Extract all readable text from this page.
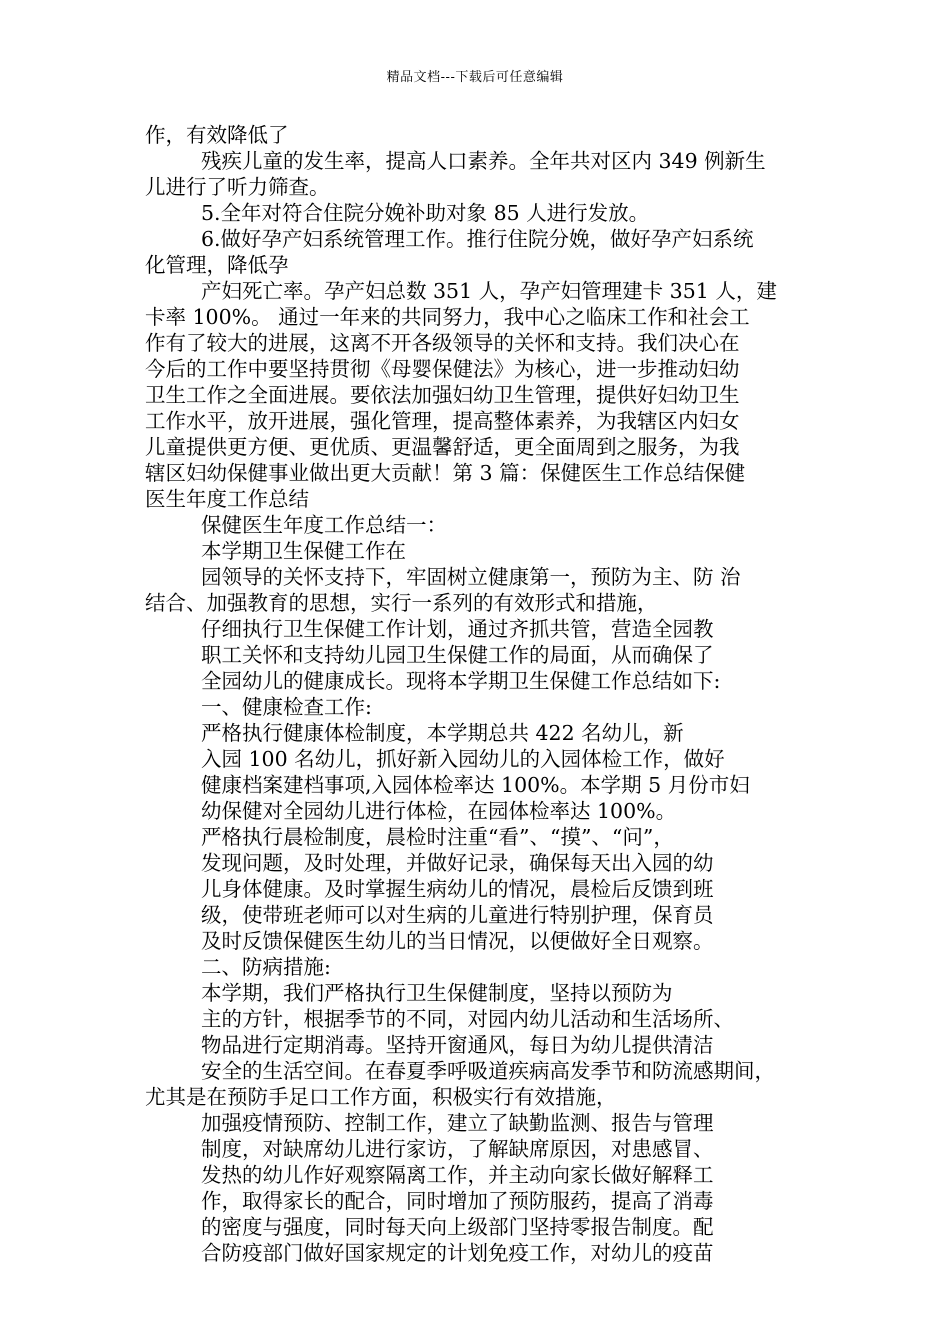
精品文档---下载后可任意编辑
作，有效降低了
残疾儿童的发生率，提高人口素养。全年共对区内 349 例新生
儿进行了听力筛查。
5.全年对符合住院分娩补助对象 85 人进行发放。
6.做好孕产妇系统管理工作。推行住院分娩，做好孕产妇系统
化管理，降低孕
产妇死亡率。孕产妇总数 351 人，孕产妇管理建卡 351 人，建
卡率 100%。 通过一年来的共同努力，我中心之临床工作和社会工
作有了较大的进展，这离不开各级领导的关怀和支持。我们决心在
今后的工作中要坚持贯彻《母婴保健法》为核心，进一步推动妇幼
卫生工作之全面进展。要依法加强妇幼卫生管理，提供好妇幼卫生
工作水平，放开进展，强化管理，提高整体素养，为我辖区内妇女
儿童提供更方便、更优质、更温馨舒适，更全面周到之服务，为我
辖区妇幼保健事业做出更大贡献！第 3 篇：保健医生工作总结保健
医生年度工作总结
保健医生年度工作总结一：
本学期卫生保健工作在
园领导的关怀支持下，牢固树立健康第一，预防为主、防 治
结合、加强教育的思想，实行一系列的有效形式和措施，
仔细执行卫生保健工作计划，通过齐抓共管，营造全园教
职工关怀和支持幼儿园卫生保健工作的局面，从而确保了
全园幼儿的健康成长。现将本学期卫生保健工作总结如下:
一、健康检查工作:
严格执行健康体检制度，本学期总共 422 名幼儿，新
入园 100 名幼儿，抓好新入园幼儿的入园体检工作，做好
健康档案建档事项,入园体检率达 100%。本学期 5 月份市妇
幼保健对全园幼儿进行体检，在园体检率达 100%。
严格执行晨检制度，晨检时注重“看”、“摸”、“问”，
发现问题，及时处理，并做好记录，确保每天出入园的幼
儿身体健康。及时掌握生病幼儿的情况，晨检后反馈到班
级，使带班老师可以对生病的儿童进行特别护理，保育员
及时反馈保健医生幼儿的当日情况，以便做好全日观察。
二、防病措施:
本学期，我们严格执行卫生保健制度，坚持以预防为
主的方针，根据季节的不同，对园内幼儿活动和生活场所、
物品进行定期消毒。坚持开窗通风，每日为幼儿提供清洁
安全的生活空间。在春夏季呼吸道疾病高发季节和防流感期间，
尤其是在预防手足口工作方面，积极实行有效措施，
加强疫情预防、控制工作，建立了缺勤监测、报告与管理
制度，对缺席幼儿进行家访，了解缺席原因，对患感冒、
发热的幼儿作好观察隔离工作，并主动向家长做好解释工
作，取得家长的配合，同时增加了预防服药，提高了消毒
的密度与强度，同时每天向上级部门坚持零报告制度。配
合防疫部门做好国家规定的计划免疫工作，对幼儿的疫苗
